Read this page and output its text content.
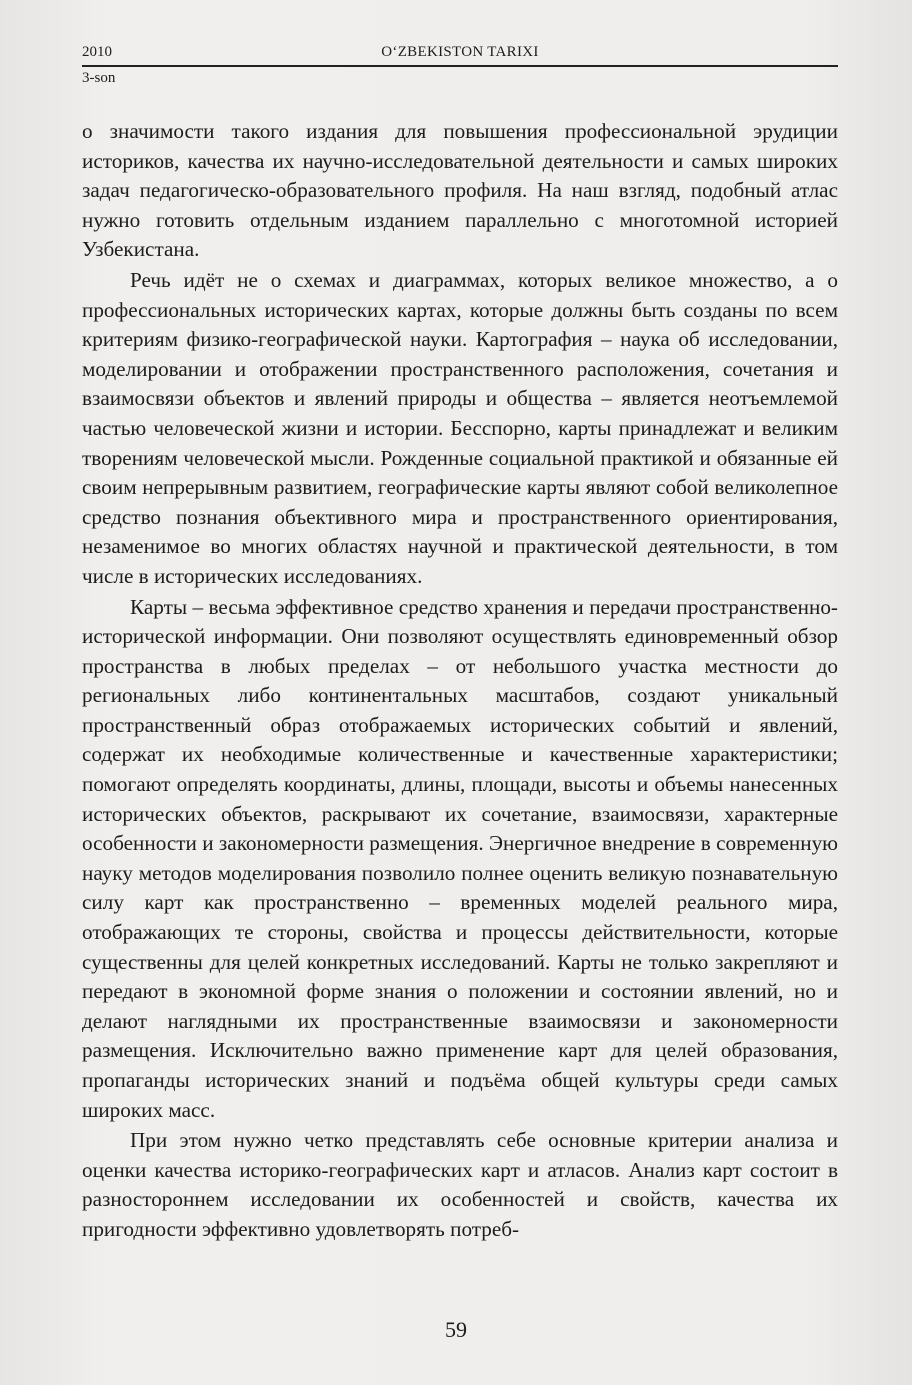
O‘ZBEKISTON TARIXI
2010
3-son

о значимости такого издания для повышения профессиональной эрудиции историков, качества их научно-исследовательной деятельности и самых широких задач педагогическо-образовательного профиля. На наш взгляд, подобный атлас нужно готовить отдельным изданием параллельно с многотомной историей Узбекистана.

Речь идёт не о схемах и диаграммах, которых великое множество, а о профессиональных исторических картах, которые должны быть созданы по всем критериям физико-географической науки. Картография – наука об исследовании, моделировании и отображении пространственного расположения, сочетания и взаимосвязи объектов и явлений природы и общества – является неотъемлемой частью человеческой жизни и истории. Бесспорно, карты принадлежат и великим творениям человеческой мысли. Рожденные социальной практикой и обязанные ей своим непрерывным развитием, географические карты являют собой великолепное средство познания объективного мира и пространственного ориентирования, незаменимое во многих областях научной и практической деятельности, в том числе в исторических исследованиях.

Карты – весьма эффективное средство хранения и передачи пространственно-исторической информации. Они позволяют осуществлять единовременный обзор пространства в любых пределах – от небольшого участка местности до региональных либо континентальных масштабов, создают уникальный пространственный образ отображаемых исторических событий и явлений, содержат их необходимые количественные и качественные характеристики; помогают определять координаты, длины, площади, высоты и объемы нанесенных исторических объектов, раскрывают их сочетание, взаимосвязи, характерные особенности и закономерности размещения. Энергичное внедрение в современную науку методов моделирования позволило полнее оценить великую познавательную силу карт как пространственно – временных моделей реального мира, отображающих те стороны, свойства и процессы действительности, которые существенны для целей конкретных исследований. Карты не только закрепляют и передают в экономной форме знания о положении и состоянии явлений, но и делают наглядными их пространственные взаимосвязи и закономерности размещения. Исключительно важно применение карт для целей образования, пропаганды исторических знаний и подъёма общей культуры среди самых широких масс.

При этом нужно четко представлять себе основные критерии анализа и оценки качества историко-географических карт и атласов. Анализ карт состоит в разностороннем исследовании их особенностей и свойств, качества их пригодности эффективно удовлетворять потреб-

59
